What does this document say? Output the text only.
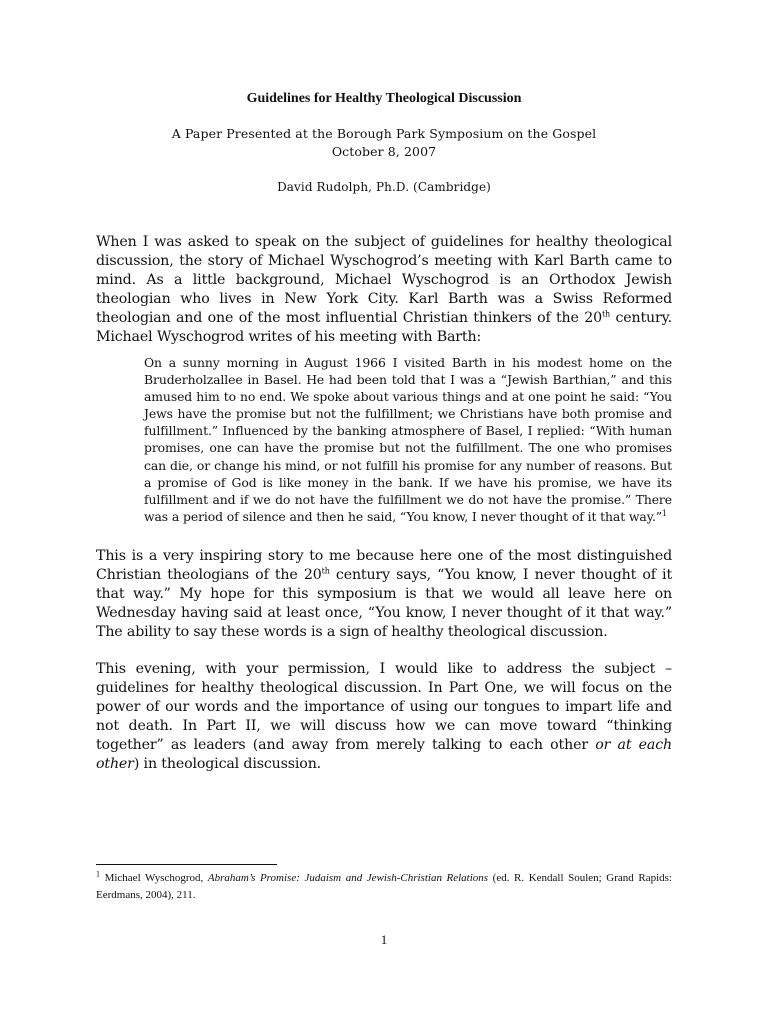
Guidelines for Healthy Theological Discussion

A Paper Presented at the Borough Park Symposium on the Gospel

October 8, 2007

David Rudolph, Ph.D. (Cambridge)

When I was asked to speak on the subject of guidelines for healthy theological discussion, the story of Michael Wyschogrod’s meeting with Karl Barth came to mind. As a little background, Michael Wyschogrod is an Orthodox Jewish theologian who lives in New York City. Karl Barth was a Swiss Reformed theologian and one of the most influential Christian thinkers of the 20th century. Michael Wyschogrod writes of his meeting with Barth:

On a sunny morning in August 1966 I visited Barth in his modest home on the Bruderholzallee in Basel. He had been told that I was a “Jewish Barthian,” and this amused him to no end. We spoke about various things and at one point he said: “You Jews have the promise but not the fulfillment; we Christians have both promise and fulfillment.” Influenced by the banking atmosphere of Basel, I replied: “With human promises, one can have the promise but not the fulfillment. The one who promises can die, or change his mind, or not fulfill his promise for any number of reasons. But a promise of God is like money in the bank. If we have his promise, we have its fulfillment and if we do not have the fulfillment we do not have the promise.” There was a period of silence and then he said, “You know, I never thought of it that way.”$^1$

This is a very inspiring story to me because here one of the most distinguished Christian theologians of the 20th century says, “You know, I never thought of it that way.” My hope for this symposium is that we would all leave here on Wednesday having said at least once, “You know, I never thought of it that way.” The ability to say these words is a sign of healthy theological discussion.

This evening, with your permission, I would like to address the subject – guidelines for healthy theological discussion. In Part One, we will focus on the power of our words and the importance of using our tongues to impart life and not death. In Part II, we will discuss how we can move toward “thinking together” as leaders (and away from merely talking to each other or at each other) in theological discussion.

$^1$ Michael Wyschogrod, Abraham’s Promise: Judaism and Jewish-Christian Relations (ed. R. Kendall Soulen; Grand Rapids: Eerdmans, 2004), 211.

1
